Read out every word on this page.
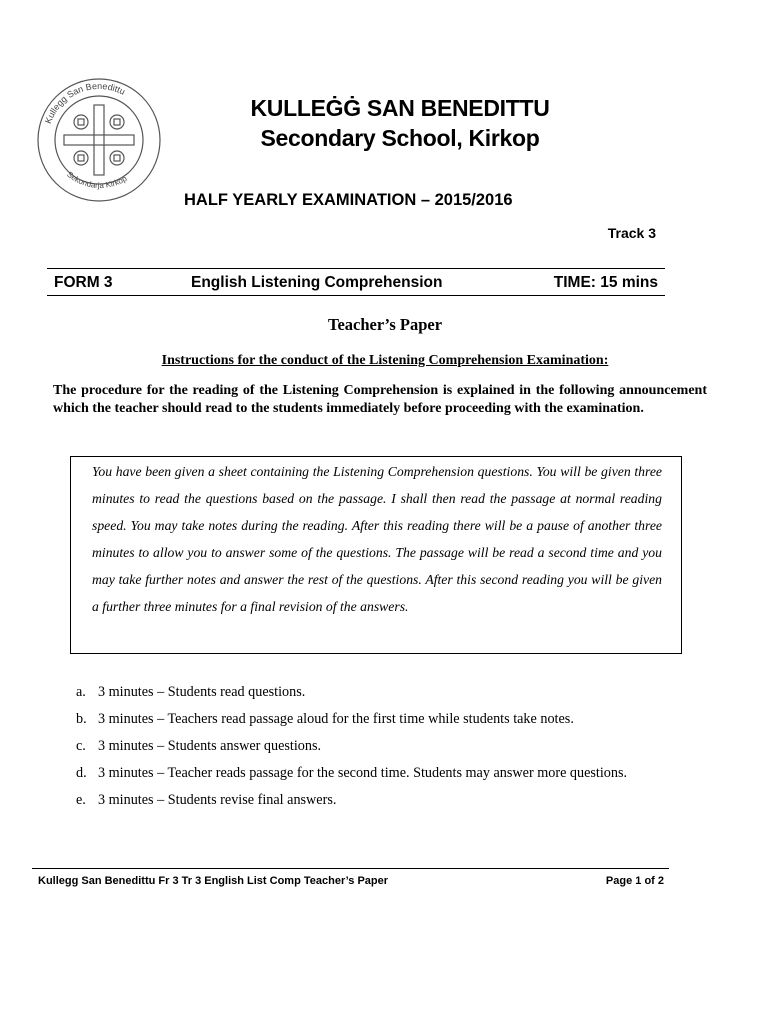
Kullegg San Benedittu
Sekondarja Kirkop
KULLEĠĠ SAN BENEDITTU
Secondary School, Kirkop
HALF YEARLY EXAMINATION – 2015/2016
Track 3
FORM 3	English Listening Comprehension	TIME: 15 mins
Teacher’s Paper
Instructions for the conduct of the Listening Comprehension Examination:
The procedure for the reading of the Listening Comprehension is explained in the following announcement which the teacher should read to the students immediately before proceeding with the examination.
You have been given a sheet containing the Listening Comprehension questions. You will be given three minutes to read the questions based on the passage. I shall then read the passage at normal reading speed. You may take notes during the reading. After this reading there will be a pause of another three minutes to allow you to answer some of the questions. The passage will be read a second time and you may take further notes and answer the rest of the questions. After this second reading you will be given a further three minutes for a final revision of the answers.
a. 3 minutes – Students read questions.
b. 3 minutes – Teachers read passage aloud for the first time while students take notes.
c. 3 minutes – Students answer questions.
d. 3 minutes – Teacher reads passage for the second time. Students may answer more questions.
e. 3 minutes – Students revise final answers.
Kullegg San Benedittu Fr 3 Tr 3 English List Comp Teacher’s Paper	Page 1 of 2
